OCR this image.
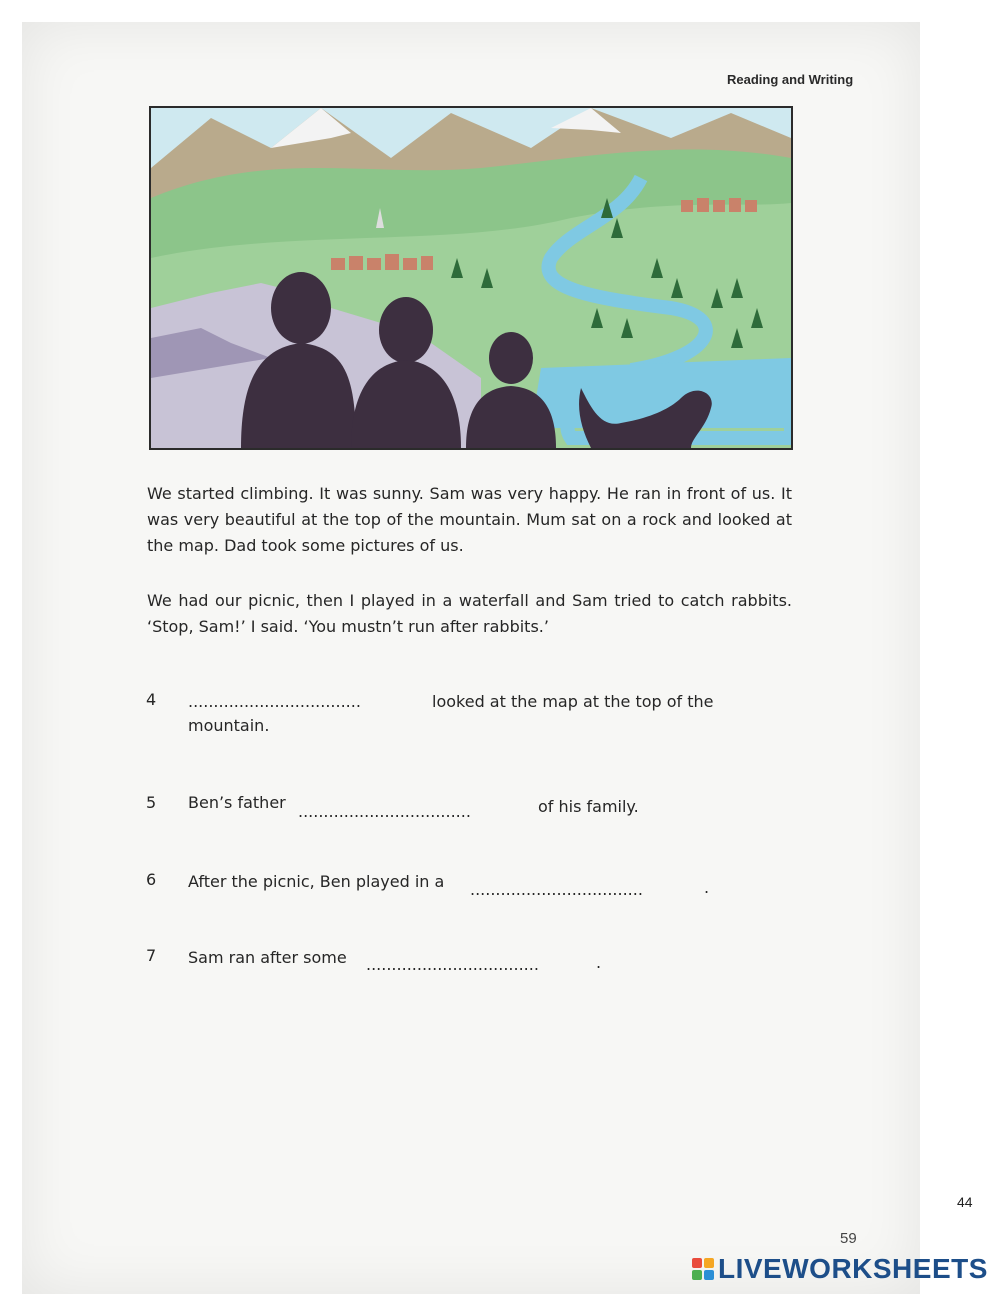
Reading and Writing

We started climbing. It was sunny. Sam was very happy. He ran in front of us. It was very beautiful at the top of the mountain. Mum sat on a rock and looked at the map. Dad took some pictures of us.

We had our picnic, then I played in a waterfall and Sam tried to catch rabbits. ‘Stop, Sam!’ I said. ‘You mustn’t run after rabbits.’

4 ..................................	looked at the map at the top of the
mountain.
5 Ben’s father ..................................	of his family.
6 After the picnic, Ben played in a ..................................	.
7 Sam ran after some ..................................	.
44
59
LIVEWORKSHEETS
